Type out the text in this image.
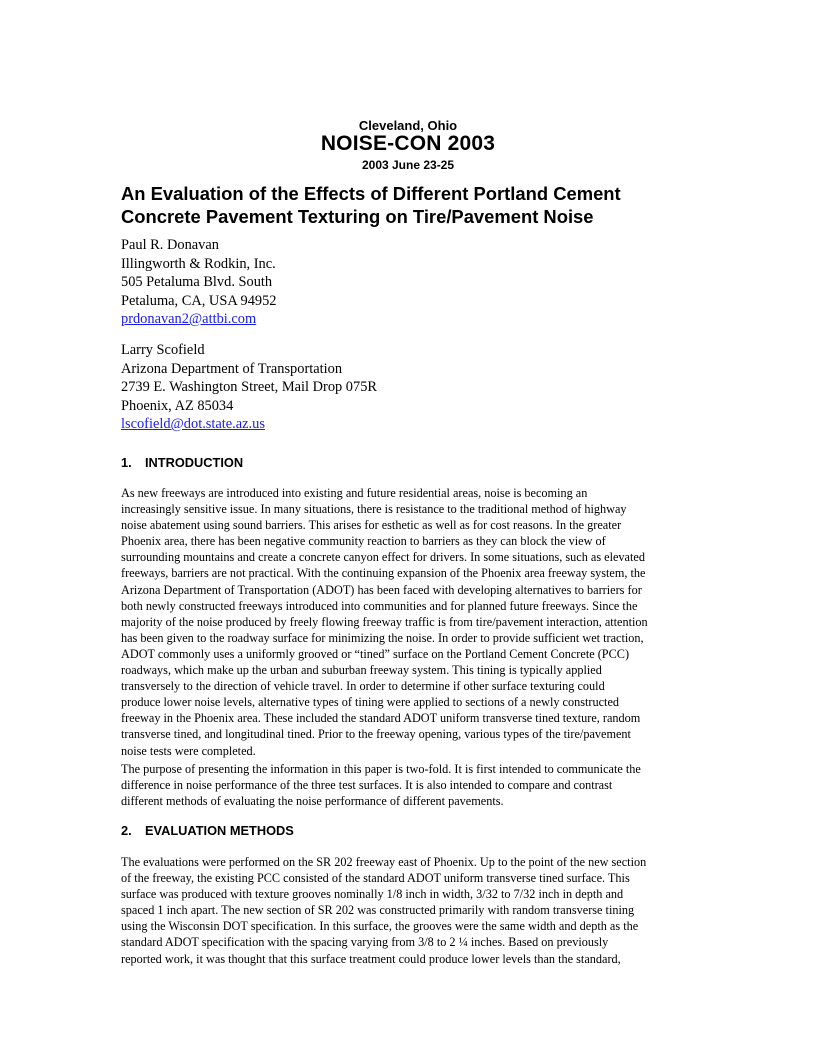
Cleveland, Ohio
NOISE-CON 2003
2003 June 23-25
An Evaluation of the Effects of Different Portland Cement
Concrete Pavement Texturing on Tire/Pavement Noise
Paul R. Donavan
Illingworth & Rodkin, Inc.
505 Petaluma Blvd. South
Petaluma, CA, USA 94952
prdonavan2@attbi.com
Larry Scofield
Arizona Department of Transportation
2739 E. Washington Street, Mail Drop 075R
Phoenix, AZ 85034
lscofield@dot.state.az.us
1. INTRODUCTION
As new freeways are introduced into existing and future residential areas, noise is becoming an
increasingly sensitive issue. In many situations, there is resistance to the traditional method of highway
noise abatement using sound barriers. This arises for esthetic as well as for cost reasons. In the greater
Phoenix area, there has been negative community reaction to barriers as they can block the view of
surrounding mountains and create a concrete canyon effect for drivers. In some situations, such as elevated
freeways, barriers are not practical. With the continuing expansion of the Phoenix area freeway system, the
Arizona Department of Transportation (ADOT) has been faced with developing alternatives to barriers for
both newly constructed freeways introduced into communities and for planned future freeways. Since the
majority of the noise produced by freely flowing freeway traffic is from tire/pavement interaction, attention
has been given to the roadway surface for minimizing the noise. In order to provide sufficient wet traction,
ADOT commonly uses a uniformly grooved or “tined” surface on the Portland Cement Concrete (PCC)
roadways, which make up the urban and suburban freeway system. This tining is typically applied
transversely to the direction of vehicle travel. In order to determine if other surface texturing could
produce lower noise levels, alternative types of tining were applied to sections of a newly constructed
freeway in the Phoenix area. These included the standard ADOT uniform transverse tined texture, random
transverse tined, and longitudinal tined. Prior to the freeway opening, various types of the tire/pavement
noise tests were completed.
The purpose of presenting the information in this paper is two-fold. It is first intended to communicate the
difference in noise performance of the three test surfaces. It is also intended to compare and contrast
different methods of evaluating the noise performance of different pavements.
2. EVALUATION METHODS
The evaluations were performed on the SR 202 freeway east of Phoenix. Up to the point of the new section
of the freeway, the existing PCC consisted of the standard ADOT uniform transverse tined surface. This
surface was produced with texture grooves nominally 1/8 inch in width, 3/32 to 7/32 inch in depth and
spaced 1 inch apart. The new section of SR 202 was constructed primarily with random transverse tining
using the Wisconsin DOT specification. In this surface, the grooves were the same width and depth as the
standard ADOT specification with the spacing varying from 3/8 to 2 ¼ inches. Based on previously
reported work, it was thought that this surface treatment could produce lower levels than the standard,
